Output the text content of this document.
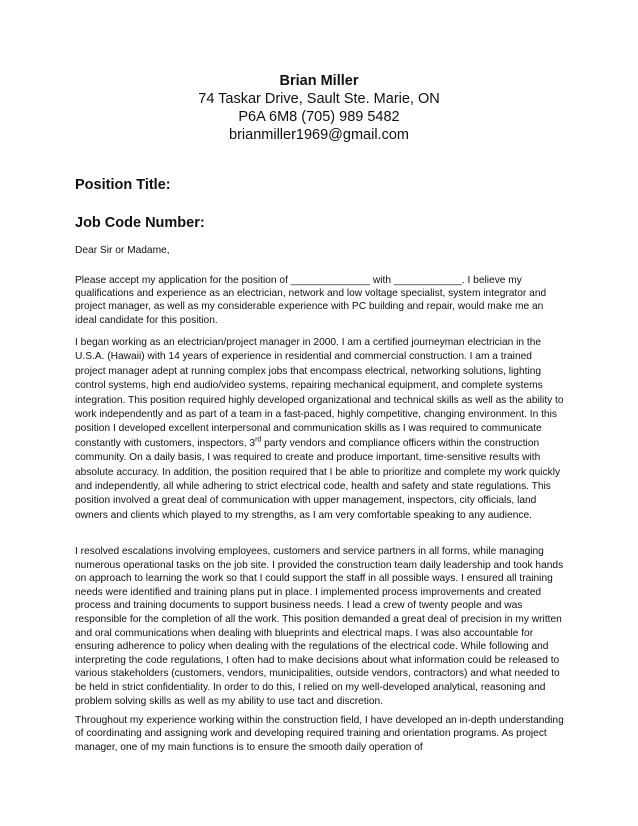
Brian Miller
74 Taskar Drive, Sault Ste. Marie, ON
P6A 6M8 (705) 989 5482
brianmiller1969@gmail.com
Position Title:
Job Code Number:
Dear Sir or Madame,

Please accept my application for the position of ______________ with ____________. I believe my qualifications and experience as an electrician, network and low voltage specialist, system integrator and project manager, as well as my considerable experience with PC building and repair, would make me an ideal candidate for this position.

I began working as an electrician/project manager in 2000. I am a certified journeyman electrician in the U.S.A. (Hawaii) with 14 years of experience in residential and commercial construction. I am a trained project manager adept at running complex jobs that encompass electrical, networking solutions, lighting control systems, high end audio/video systems, repairing mechanical equipment, and complete systems integration. This position required highly developed organizational and technical skills as well as the ability to work independently and as part of a team in a fast-paced, highly competitive, changing environment. In this position I developed excellent interpersonal and communication skills as I was required to communicate constantly with customers, inspectors, 3rd party vendors and compliance officers within the construction community. On a daily basis, I was required to create and produce important, time-sensitive results with absolute accuracy. In addition, the position required that I be able to prioritize and complete my work quickly and independently, all while adhering to strict electrical code, health and safety and state regulations. This position involved a great deal of communication with upper management, inspectors, city officials, land owners and clients which played to my strengths, as I am very comfortable speaking to any audience.

I resolved escalations involving employees, customers and service partners in all forms, while managing numerous operational tasks on the job site. I provided the construction team daily leadership and took hands on approach to learning the work so that I could support the staff in all possible ways. I ensured all training needs were identified and training plans put in place. I implemented process improvements and created process and training documents to support business needs. I lead a crew of twenty people and was responsible for the completion of all the work. This position demanded a great deal of precision in my written and oral communications when dealing with blueprints and electrical maps. I was also accountable for ensuring adherence to policy when dealing with the regulations of the electrical code. While following and interpreting the code regulations, I often had to make decisions about what information could be released to various stakeholders (customers, vendors, municipalities, outside vendors, contractors) and what needed to be held in strict confidentiality. In order to do this, I relied on my well-developed analytical, reasoning and problem solving skills as well as my ability to use tact and discretion.

Throughout my experience working within the construction field, I have developed an in-depth understanding of coordinating and assigning work and developing required training and orientation programs. As project manager, one of my main functions is to ensure the smooth daily operation of
